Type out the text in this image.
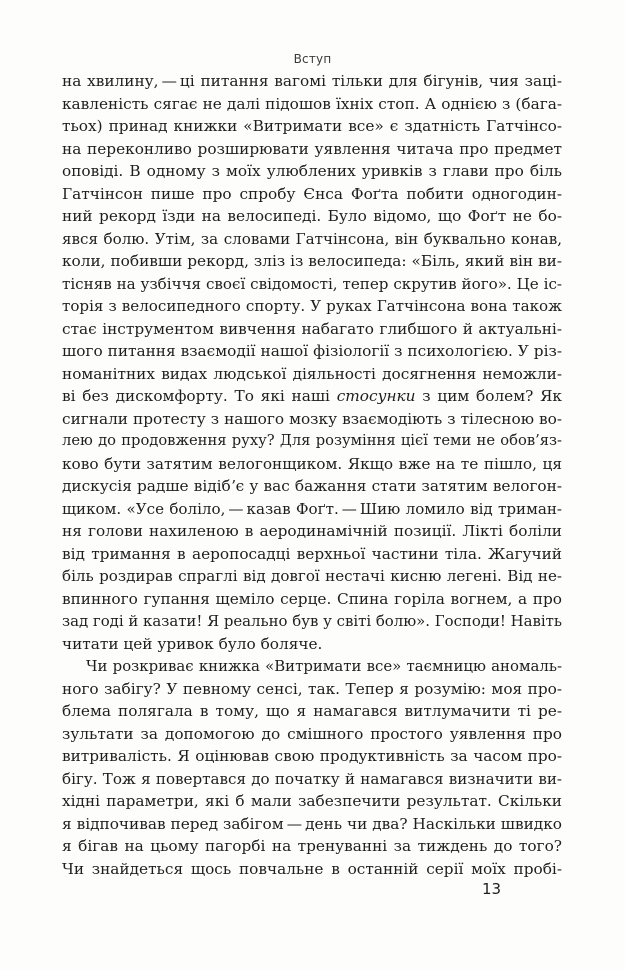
Вступ
на хвилину, — ці питання вагомі тільки для бігунів, чия заці-
кавленість сягає не далі підошов їхніх стоп. А однією з (бага-
тьох) принад книжки «Витримати все» є здатність Гатчінсо-
на переконливо розширювати уявлення читача про предмет
оповіді. В одному з моїх улюблених уривків з глави про біль
Гатчінсон пише про спробу Єнса Фоґта побити одногодин-
ний рекорд їзди на велосипеді. Було відомо, що Фоґт не бо-
явся болю. Утім, за словами Гатчінсона, він буквально конав,
коли, побивши рекорд, зліз із велосипеда: «Біль, який він ви-
тісняв на узбіччя своєї свідомості, тепер скрутив його». Це іс-
торія з велосипедного спорту. У руках Гатчінсона вона також
стає інструментом вивчення набагато глибшого й актуальні-
шого питання взаємодії нашої фізіології з психологією. У різ-
номанітних видах людської діяльності досягнення неможли-
ві без дискомфорту. То які наші стосунки з цим болем? Як
сигнали протесту з нашого мозку взаємодіють з тілесною во-
лею до продовження руху? Для розуміння цієї теми не обов’яз-
ково бути затятим велогонщиком. Якщо вже на те пішло, ця
дискусія радше відібʼє у вас бажання стати затятим велогон-
щиком. «Усе боліло, — казав Фоґт. — Шию ломило від триман-
ня голови нахиленою в аеродинамічній позиції. Лікті боліли
від тримання в аеропосадці верхньої частини тіла. Жагучий
біль роздирав спраглі від довгої нестачі кисню легені. Від не-
впинного гупання щеміло серце. Спина горіла вогнем, а про
зад годі й казати! Я реально був у світі болю». Господи! Навіть
читати цей уривок було боляче.
Чи розкриває книжка «Витримати все» таємницю аномаль-
ного забігу? У певному сенсі, так. Тепер я розумію: моя про-
блема полягала в тому, що я намагався витлумачити ті ре-
зультати за допомогою до смішного простого уявлення про
витривалість. Я оцінював свою продуктивність за часом про-
бігу. Тож я повертався до початку й намагався визначити ви-
хідні параметри, які б мали забезпечити результат. Скільки
я відпочивав перед забігом — день чи два? Наскільки швидко
я бігав на цьому пагорбі на тренуванні за тиждень до того?
Чи знайдеться щось повчальне в останній серії моїх пробі-
13
